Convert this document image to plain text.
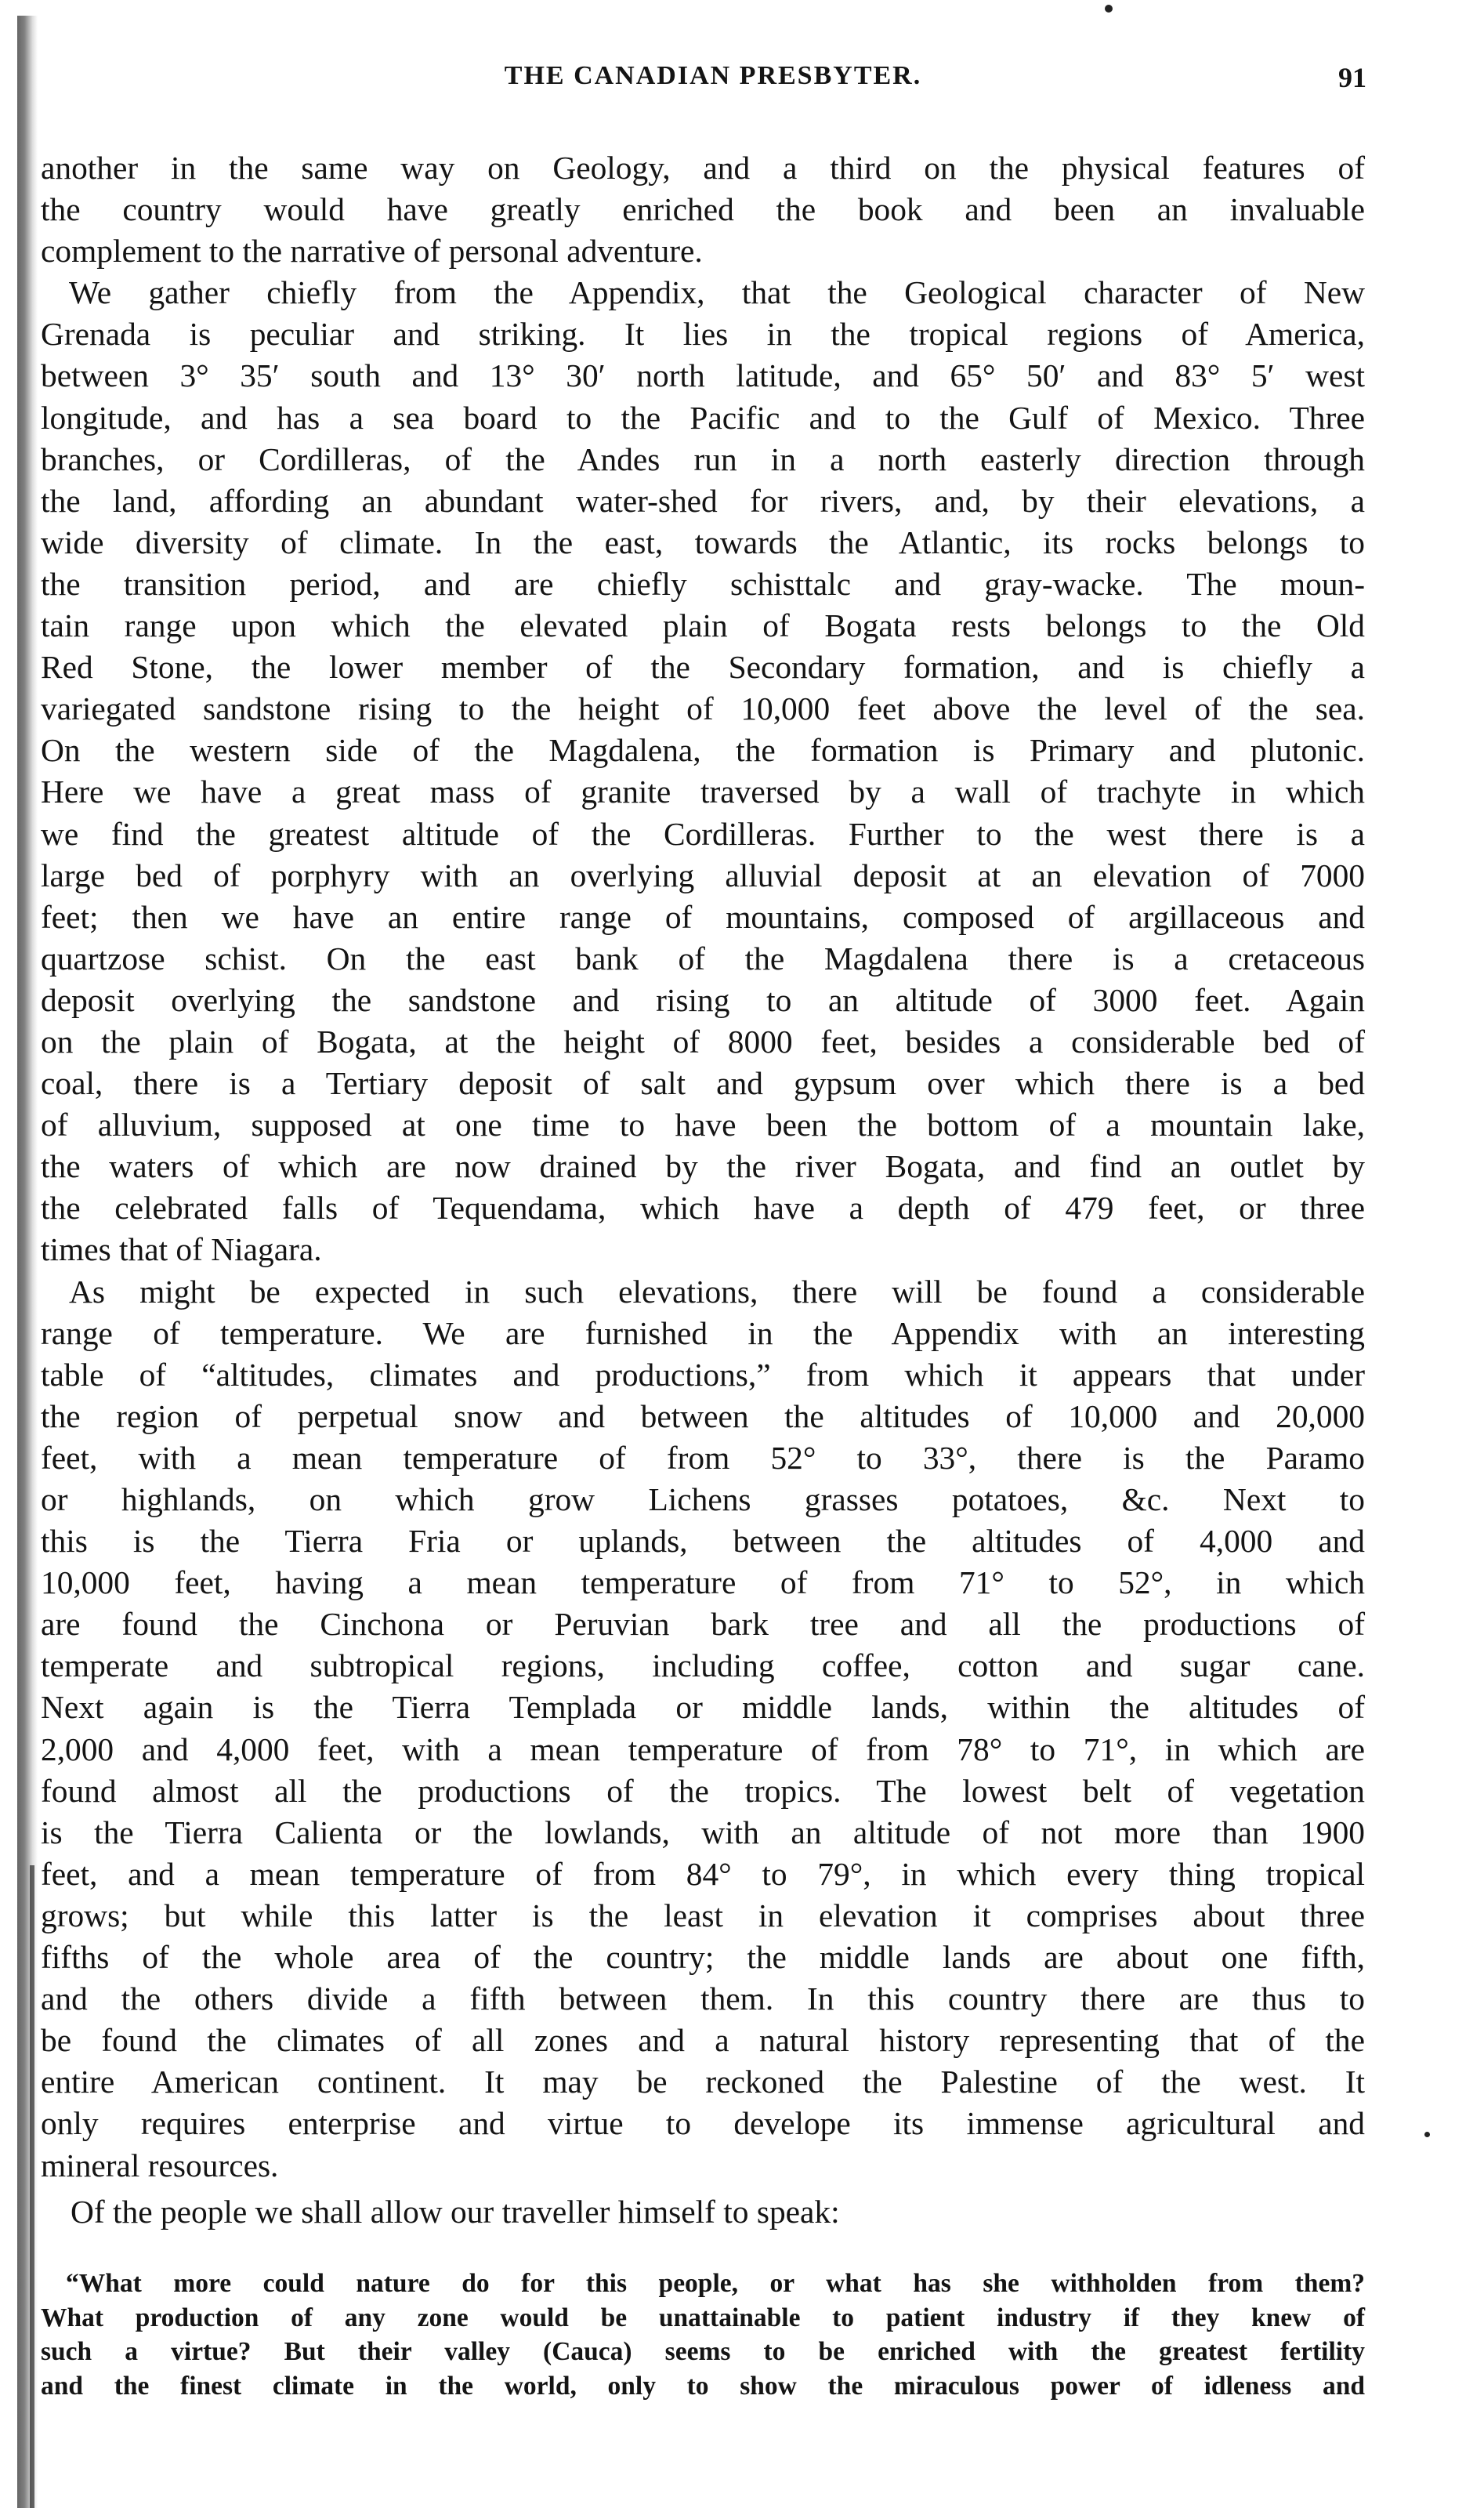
THE CANADIAN PRESBYTER.	91
another in the same way on Geology, and a third on the physical features of
the country would have greatly enriched the book and been an invaluable
complement to the narrative of personal adventure.
We gather chiefly from the Appendix, that the Geological character of New
Grenada is peculiar and striking. It lies in the tropical regions of America,
between 3° 35′ south and 13° 30′ north latitude, and 65° 50′ and 83° 5′ west
longitude, and has a sea board to the Pacific and to the Gulf of Mexico. Three
branches, or Cordilleras, of the Andes run in a north easterly direction through
the land, affording an abundant water-shed for rivers, and, by their elevations, a
wide diversity of climate. In the east, towards the Atlantic, its rocks belongs to
the transition period, and are chiefly schisttalc and gray-wacke. The moun-
tain range upon which the elevated plain of Bogata rests belongs to the Old
Red Stone, the lower member of the Secondary formation, and is chiefly a
variegated sandstone rising to the height of 10,000 feet above the level of the sea.
On the western side of the Magdalena, the formation is Primary and plutonic.
Here we have a great mass of granite traversed by a wall of trachyte in which
we find the greatest altitude of the Cordilleras. Further to the west there is a
large bed of porphyry with an overlying alluvial deposit at an elevation of 7000
feet; then we have an entire range of mountains, composed of argillaceous and
quartzose schist. On the east bank of the Magdalena there is a cretaceous
deposit overlying the sandstone and rising to an altitude of 3000 feet. Again
on the plain of Bogata, at the height of 8000 feet, besides a considerable bed of
coal, there is a Tertiary deposit of salt and gypsum over which there is a bed
of alluvium, supposed at one time to have been the bottom of a mountain lake,
the waters of which are now drained by the river Bogata, and find an outlet by
the celebrated falls of Tequendama, which have a depth of 479 feet, or three
times that of Niagara.
As might be expected in such elevations, there will be found a considerable
range of temperature. We are furnished in the Appendix with an interesting
table of “altitudes, climates and productions,” from which it appears that under
the region of perpetual snow and between the altitudes of 10,000 and 20,000
feet, with a mean temperature of from 52° to 33°, there is the Paramo
or highlands, on which grow Lichens grasses potatoes, &c. Next to
this is the Tierra Fria or uplands, between the altitudes of 4,000 and
10,000 feet, having a mean temperature of from 71° to 52°, in which
are found the Cinchona or Peruvian bark tree and all the productions of
temperate and subtropical regions, including coffee, cotton and sugar cane.
Next again is the Tierra Templada or middle lands, within the altitudes of
2,000 and 4,000 feet, with a mean temperature of from 78° to 71°, in which are
found almost all the productions of the tropics. The lowest belt of vegetation
is the Tierra Calienta or the lowlands, with an altitude of not more than 1900
feet, and a mean temperature of from 84° to 79°, in which every thing tropical
grows; but while this latter is the least in elevation it comprises about three
fifths of the whole area of the country; the middle lands are about one fifth,
and the others divide a fifth between them. In this country there are thus to
be found the climates of all zones and a natural history representing that of the
entire American continent. It may be reckoned the Palestine of the west. It
only requires enterprise and virtue to develope its immense agricultural and
mineral resources.
Of the people we shall allow our traveller himself to speak:
“What more could nature do for this people, or what has she withholden from them?
What production of any zone would be unattainable to patient industry if they knew of
such a virtue? But their valley (Cauca) seems to be enriched with the greatest fertility
and the finest climate in the world, only to show the miraculous power of idleness and
